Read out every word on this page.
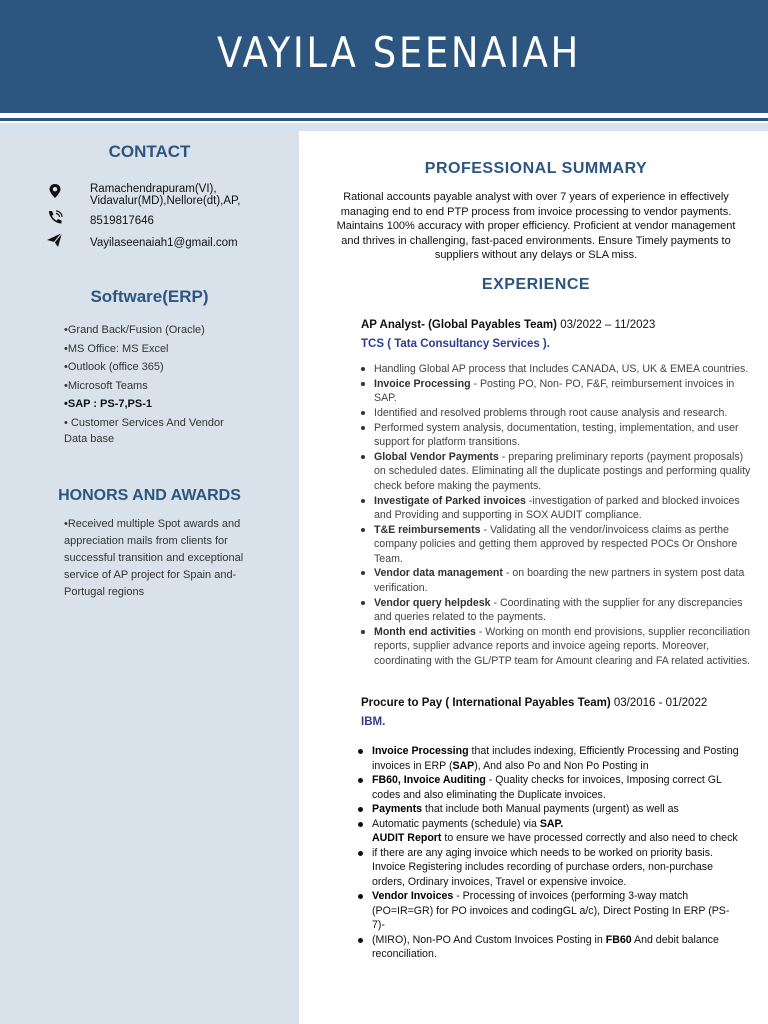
VAYILA SEENAIAH
CONTACT
Ramachendrapuram(VI),
Vidavalur(MD),Nellore(dt),AP,
8519817646
Vayilaseenaiah1@gmail.com
Software(ERP)
•Grand Back/Fusion (Oracle)
•MS Office: MS Excel
•Outlook (office 365)
•Microsoft Teams
•SAP : PS-7,PS-1
• Customer Services And Vendor Data base
HONORS AND AWARDS
•Received multiple Spot awards and appreciation mails from clients for successful transition and exceptional service of AP project for Spain and-Portugal regions
PROFESSIONAL SUMMARY
Rational accounts payable analyst with over 7 years of experience in effectively managing end to end PTP process from invoice processing to vendor payments. Maintains 100% accuracy with proper efficiency. Proficient at vendor management and thrives in challenging, fast-paced environments. Ensure Timely payments to suppliers without any delays or SLA miss.
EXPERIENCE
AP Analyst- (Global Payables Team) 03/2022 – 11/2023
TCS ( Tata Consultancy Services ).
Handling Global AP process that Includes CANADA, US, UK & EMEA countries.
Invoice Processing - Posting PO, Non- PO, F&F, reimbursement invoices in SAP.
Identified and resolved problems through root cause analysis and research.
Performed system analysis, documentation, testing, implementation, and user support for platform transitions.
Global Vendor Payments - preparing preliminary reports (payment proposals) on scheduled dates. Eliminating all the duplicate postings and performing quality check before making the payments.
Investigate of Parked invoices -investigation of parked and blocked invoices and Providing and supporting in SOX AUDIT compliance.
T&E reimbursements - Validating all the vendor/invoicess claims as perthe company policies and getting them approved by respected POCs Or Onshore Team.
Vendor data management - on boarding the new partners in system post data verification.
Vendor query helpdesk - Coordinating with the supplier for any discrepancies and queries related to the payments.
Month end activities - Working on month end provisions, supplier reconciliation reports, supplier advance reports and invoice ageing reports. Moreover, coordinating with the GL/PTP team for Amount clearing and FA related activities.
Procure to Pay ( International Payables Team) 03/2016 - 01/2022
IBM.
Invoice Processing that includes indexing, Efficiently Processing and Posting invoices in ERP (SAP), And also Po and Non Po Posting in
FB60, Invoice Auditing - Quality checks for invoices, Imposing correct GL codes and also eliminating the Duplicate invoices.
Payments that include both Manual payments (urgent) as well as
Automatic payments (schedule) via SAP.
AUDIT Report to ensure we have processed correctly and also need to check
if there are any aging invoice which needs to be worked on priority basis. Invoice Registering includes recording of purchase orders, non-purchase orders, Ordinary invoices, Travel or expensive invoice.
Vendor Invoices - Processing of invoices (performing 3-way match (PO=IR=GR) for PO invoices and codingGL a/c), Direct Posting In ERP (PS-7)-
(MIRO), Non-PO And Custom Invoices Posting in FB60 And debit balance reconciliation.
